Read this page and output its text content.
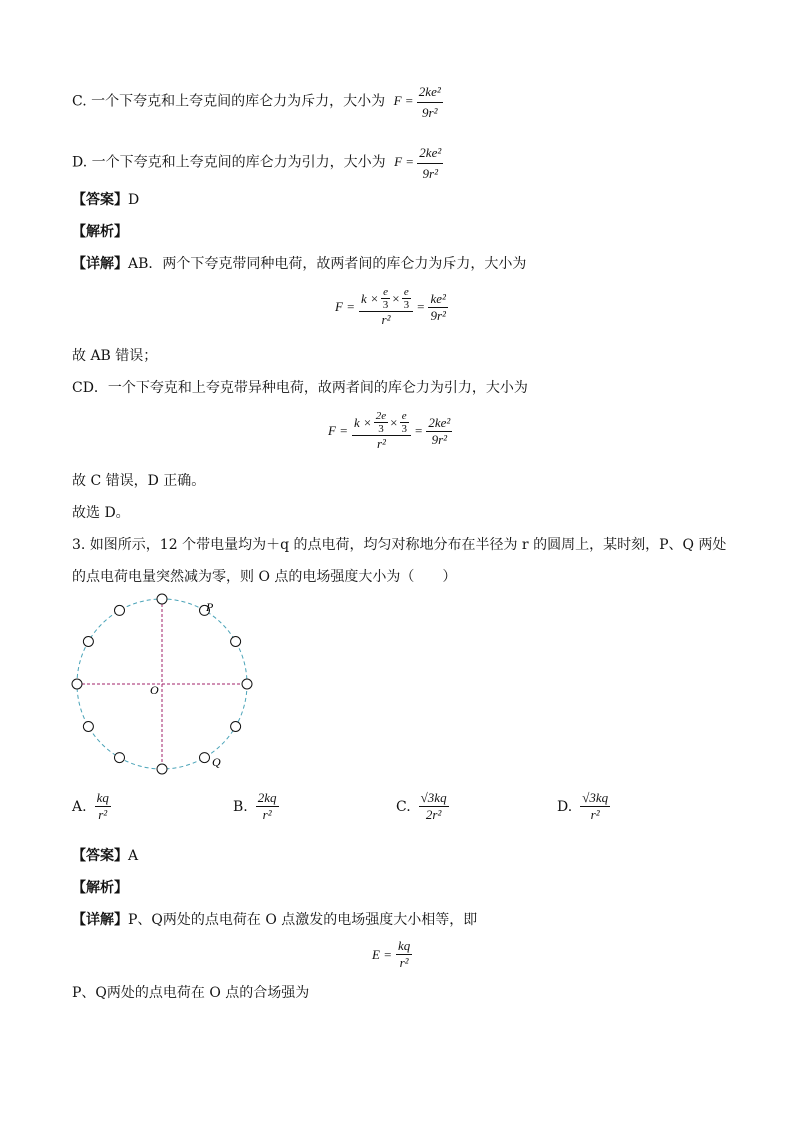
C. 一个下夸克和上夸克间的库仑力为斥力，大小为 $F = \frac{\text{2ke²}}{\text{9r²}}$
D. 一个下夸克和上夸克间的库仑力为引力，大小为 $F = \frac{\text{2ke²}}{\text{9r²}}$
【答案】D
【解析】
【详解】AB．两个下夸克带同种电荷，故两者间的库仑力为斥力，大小为
$F = \frac{k \times \frac{e}{3} \times \frac{e}{3}}{\text{r²}} = \frac{\text{ke²}}{\text{9r²}}$
故 AB 错误；
CD．一个下夸克和上夸克带异种电荷，故两者间的库仑力为引力，大小为
$F = \frac{k \times \frac{2e}{3} \times \frac{e}{3}}{\text{r²}} = \frac{\text{2ke²}}{\text{9r²}}$
故 C 错误，D 正确。
故选 D。
3. 如图所示，12 个带电量均为＋q 的点电荷，均匀对称地分布在半径为 r 的圆周上，某时刻，P、Q 两处
的点电荷电量突然减为零，则 O 点的电场强度大小为（　　）
P
Q
O
A. $\frac{kq}{\text{r²}}$	B. $\frac{2kq}{\text{r²}}$	C. $\frac{√3kq}{\text{2r²}}$	D. $\frac{√3kq}{\text{r²}}$
【答案】A
【解析】
【详解】P、Q两处的点电荷在 O 点激发的电场强度大小相等，即
$E = \frac{kq}{\text{r²}}$
P、Q两处的点电荷在 O 点的合场强为
